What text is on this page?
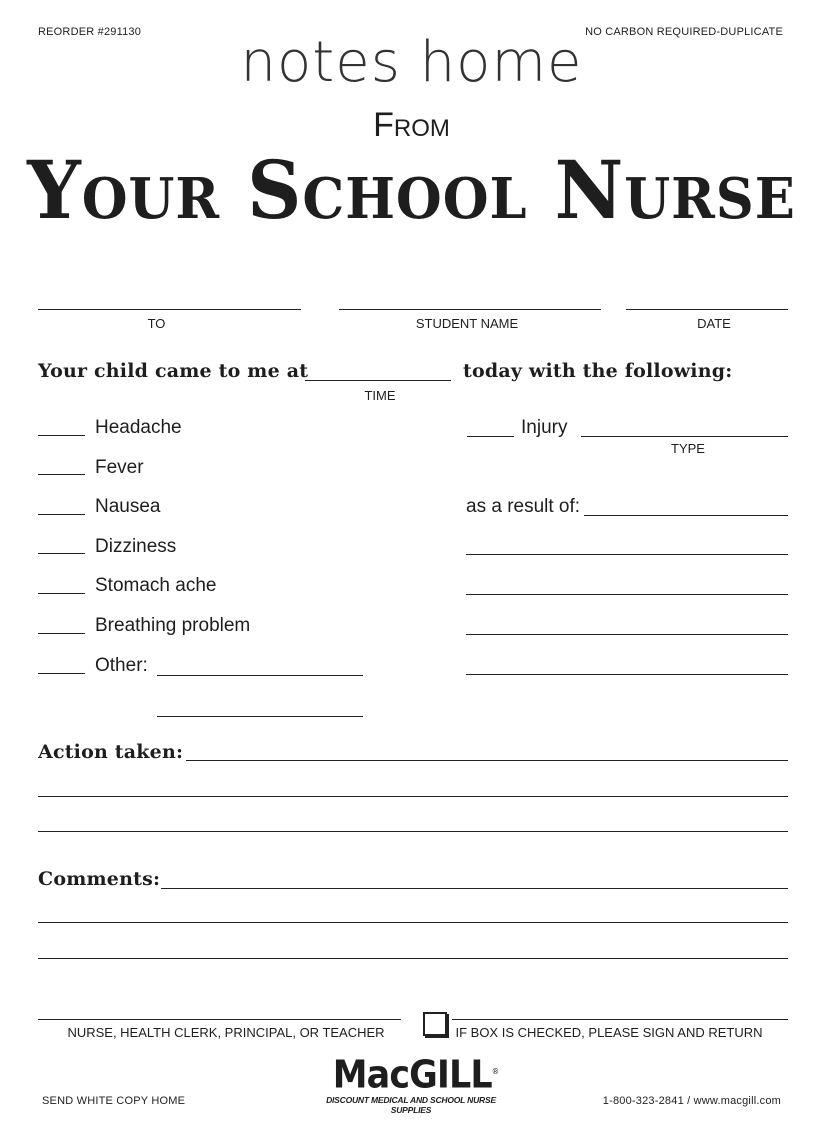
REORDER #291130	NO CARBON REQUIRED-DUPLICATE
notes home
From
Your School Nurse
TO	STUDENT NAME	DATE
Your child came to me at	today with the following:
TIME
Headache
Fever
Nausea
Dizziness
Stomach ache
Breathing problem
Other:
Injury
TYPE
as a result of:
Action taken:
Comments:
NURSE, HEALTH CLERK, PRINCIPAL, OR TEACHER	IF BOX IS CHECKED, PLEASE SIGN AND RETURN
SEND WHITE COPY HOME
MacGILL®
DISCOUNT MEDICAL AND SCHOOL NURSE SUPPLIES
1-800-323-2841 / www.macgill.com
